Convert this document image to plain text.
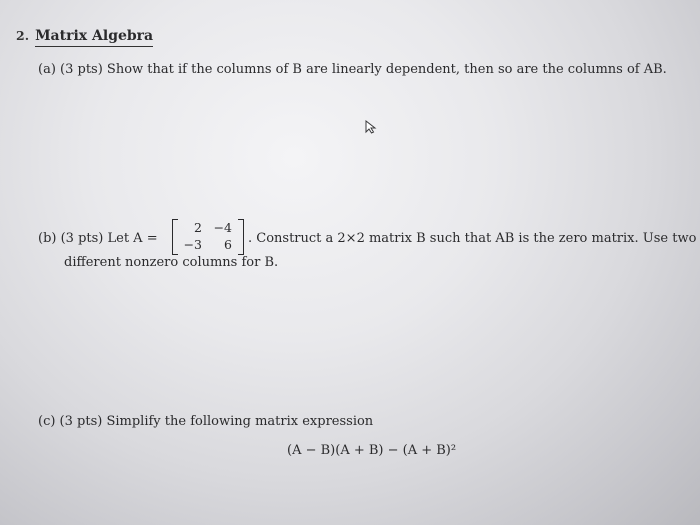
2. Matrix Algebra
(a) (3 pts) Show that if the columns of B are linearly dependent, then so are the columns of AB.
(b) (3 pts) Let A =
2 −4
−3	6 . Construct a 2×2 matrix B such that AB is the zero matrix. Use two
different nonzero columns for B.
(c) (3 pts) Simplify the following matrix expression
(A − B)(A + B) − (A + B)²
